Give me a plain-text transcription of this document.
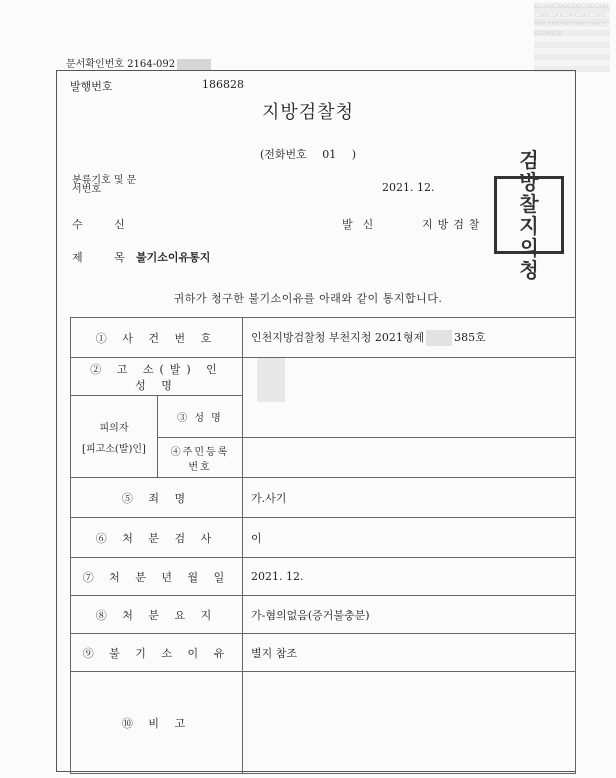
KICSKICSKICSKICSKICSKICSKICSKICSKICSKICSKICSKICSKICSKICSKICSKICSKICSKICS
문서확인번호 2164-092
발행번호	186828
지방검찰청
(전화번호 01 )
분류기호 및 문서번호	2021. 12.
수 신	발신	지방검찰
검
방
찰
지
의
청
제 목
불기소이유통지
귀하가 청구한 불기소이유를 아래와 같이 통지합니다.
① 사 건 번 호		인천지방검찰청 부천지청 2021형제 385호
② 고 소(발) 인 성 명		

피의자
[피고소(발)인]	③ 성 명	
	④주민등록번호	
⑤ 죄 명		가.사기
⑥ 처 분 검 사		이
⑦ 처 분 년 월 일		2021. 12.
⑧ 처 분 요 지		가-혐의없음(증거불충분)
⑨ 불 기 소 이 유		별지 참조
⑩ 비 고		
